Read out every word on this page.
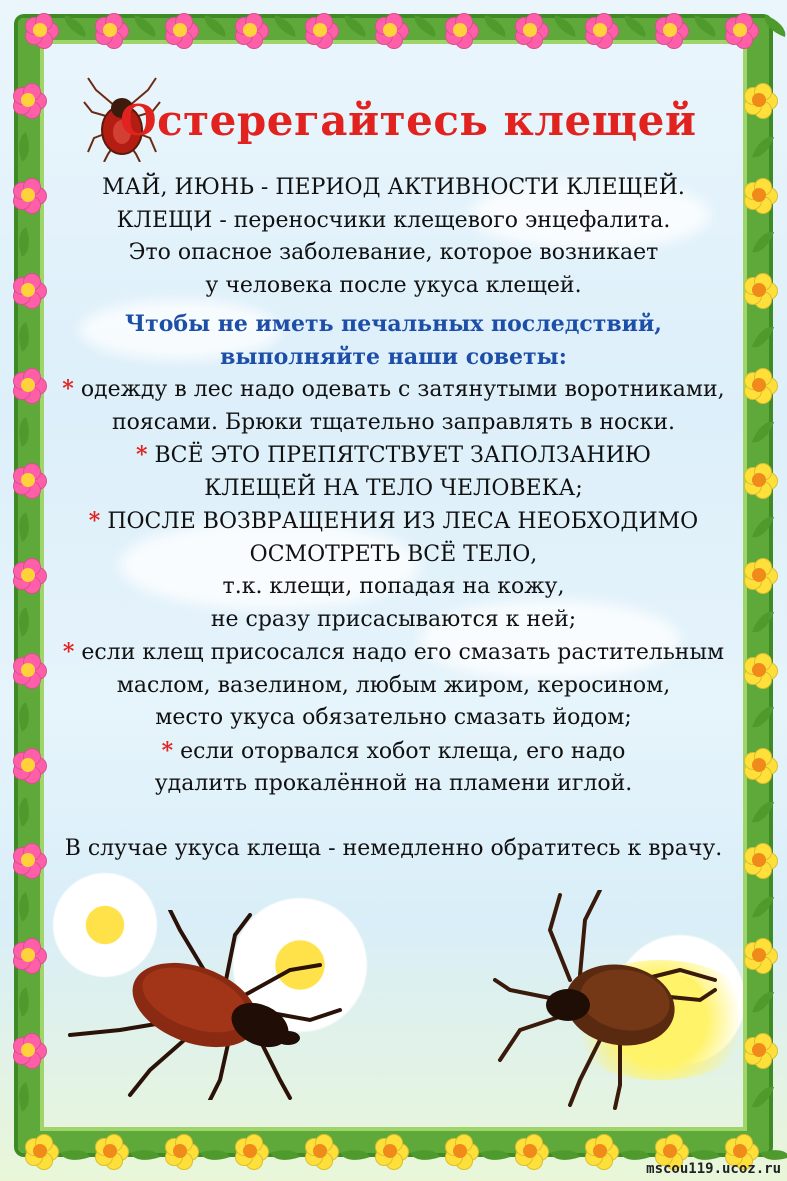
Остерегайтесь клещей
МАЙ, ИЮНЬ - ПЕРИОД АКТИВНОСТИ КЛЕЩЕЙ.
КЛЕЩИ - переносчики клещевого энцефалита.
Это опасное заболевание, которое возникает
у человека после укуса клещей.
Чтобы не иметь печальных последствий,
выполняйте наши советы:
* одежду в лес надо одевать с затянутыми воротниками,
поясами. Брюки тщательно заправлять в носки.
* ВСЁ ЭТО ПРЕПЯТСТВУЕТ ЗАПОЛЗАНИЮ
КЛЕЩЕЙ НА ТЕЛО ЧЕЛОВЕКА;
* ПОСЛЕ ВОЗВРАЩЕНИЯ ИЗ ЛЕСА НЕОБХОДИМО
ОСМОТРЕТЬ ВСЁ ТЕЛО,
т.к. клещи, попадая на кожу,
не сразу присасываются к ней;
* если клещ присосался надо его смазать растительным
маслом, вазелином, любым жиром, керосином,
место укуса обязательно смазать йодом;
* если оторвался хобот клеща, его надо
удалить прокалённой на пламени иглой.
В случае укуса клеща - немедленно обратитесь к врачу.
mscou119.ucoz.ru
